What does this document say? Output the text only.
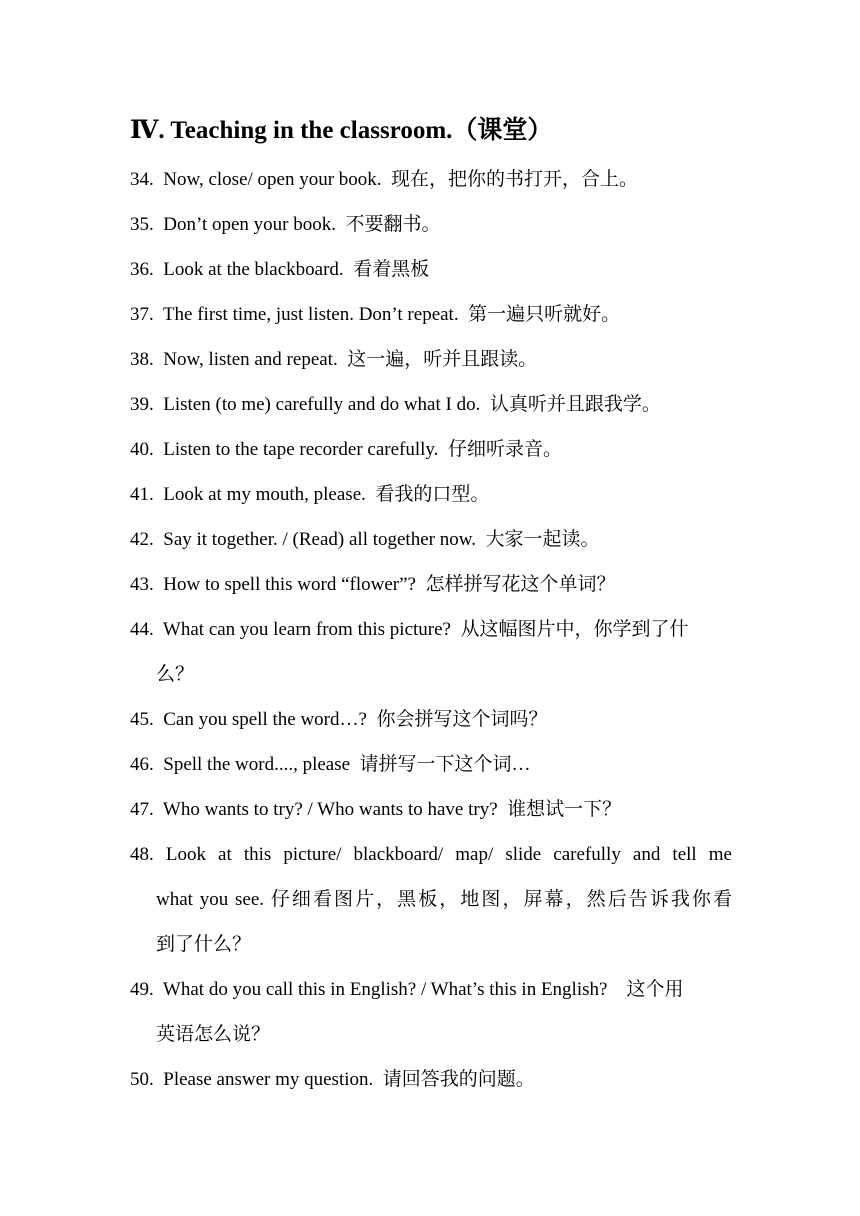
Ⅳ. Teaching in the classroom.（课堂）
34. Now, close/ open your book. 现在，把你的书打开，合上。
35. Don’t open your book. 不要翻书。
36. Look at the blackboard. 看着黑板
37. The first time, just listen. Don’t repeat. 第一遍只听就好。
38. Now, listen and repeat. 这一遍，听并且跟读。
39. Listen (to me) carefully and do what I do. 认真听并且跟我学。
40. Listen to the tape recorder carefully. 仔细听录音。
41. Look at my mouth, please. 看我的口型。
42. Say it together. / (Read) all together now. 大家一起读。
43. How to spell this word “flower”? 怎样拼写花这个单词？
44. What can you learn from this picture? 从这幅图片中，你学到了什
么？
45. Can you spell the word…? 你会拼写这个词吗？
46. Spell the word...., please 请拼写一下这个词…
47. Who wants to try? / Who wants to have try? 谁想试一下？
48. Look at this picture/ blackboard/ map/ slide carefully and tell me
what you see. 仔细看图片，黑板，地图，屏幕，然后告诉我你看
到了什么？
49. What do you call this in English? / What’s this in English? 这个用
英语怎么说？
50. Please answer my question. 请回答我的问题。
